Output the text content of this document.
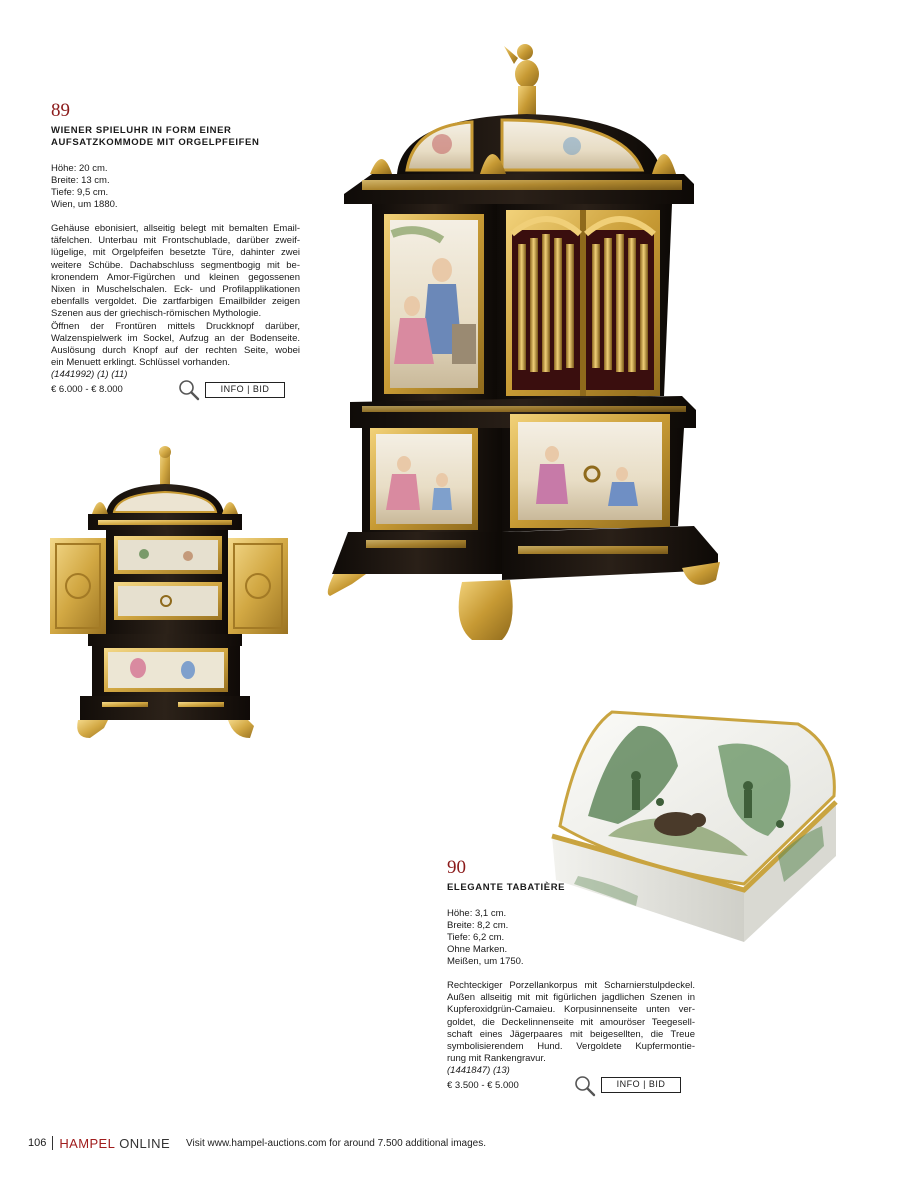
89
WIENER SPIELUHR IN FORM EINER
AUFSATZKOMMODE MIT ORGELPFEIFEN
Höhe: 20 cm.
Breite: 13 cm.
Tiefe: 9,5 cm.
Wien, um 1880.
Gehäuse ebonisiert, allseitig belegt mit bemalten Email-
täfelchen. Unterbau mit Frontschublade, darüber zweif-
lügelige, mit Orgelpfeifen besetzte Türe, dahinter zwei
weitere Schübe. Dachabschluss segmentbogig mit be-
kronendem Amor-Figürchen und kleinen gegossenen
Nixen in Muschelschalen. Eck- und Profilapplikationen
ebenfalls vergoldet. Die zartfarbigen Emailbilder zeigen
Szenen aus der griechisch-römischen Mythologie.
Öffnen der Frontüren mittels Druckknopf darüber,
Walzenspielwerk im Sockel, Aufzug an der Bodenseite.
Auslösung durch Knopf auf der rechten Seite, wobei
ein Menuett erklingt. Schlüssel vorhanden.
(1441992) (1) (11)
€ 6.000 - € 8.000	INFO | BID
90
ELEGANTE TABATIÈRE
Höhe: 3,1 cm.
Breite: 8,2 cm.
Tiefe: 6,2 cm.
Ohne Marken.
Meißen, um 1750.
Rechteckiger Porzellankorpus mit Scharnierstulpdeckel.
Außen allseitig mit mit figürlichen jagdlichen Szenen in
Kupferoxidgrün-Camaieu. Korpusinnenseite unten ver-
goldet, die Deckelinnenseite mit amouröser Teegesell-
schaft eines Jägerpaares mit beigesellten, die Treue
symbolisierendem Hund. Vergoldete Kupfermontie-
rung mit Rankengravur.
(1441847) (13)
€ 3.500 - € 5.000	INFO | BID
106 HAMPEL ONLINE Visit www.hampel-auctions.com for around 7.500 additional images.
